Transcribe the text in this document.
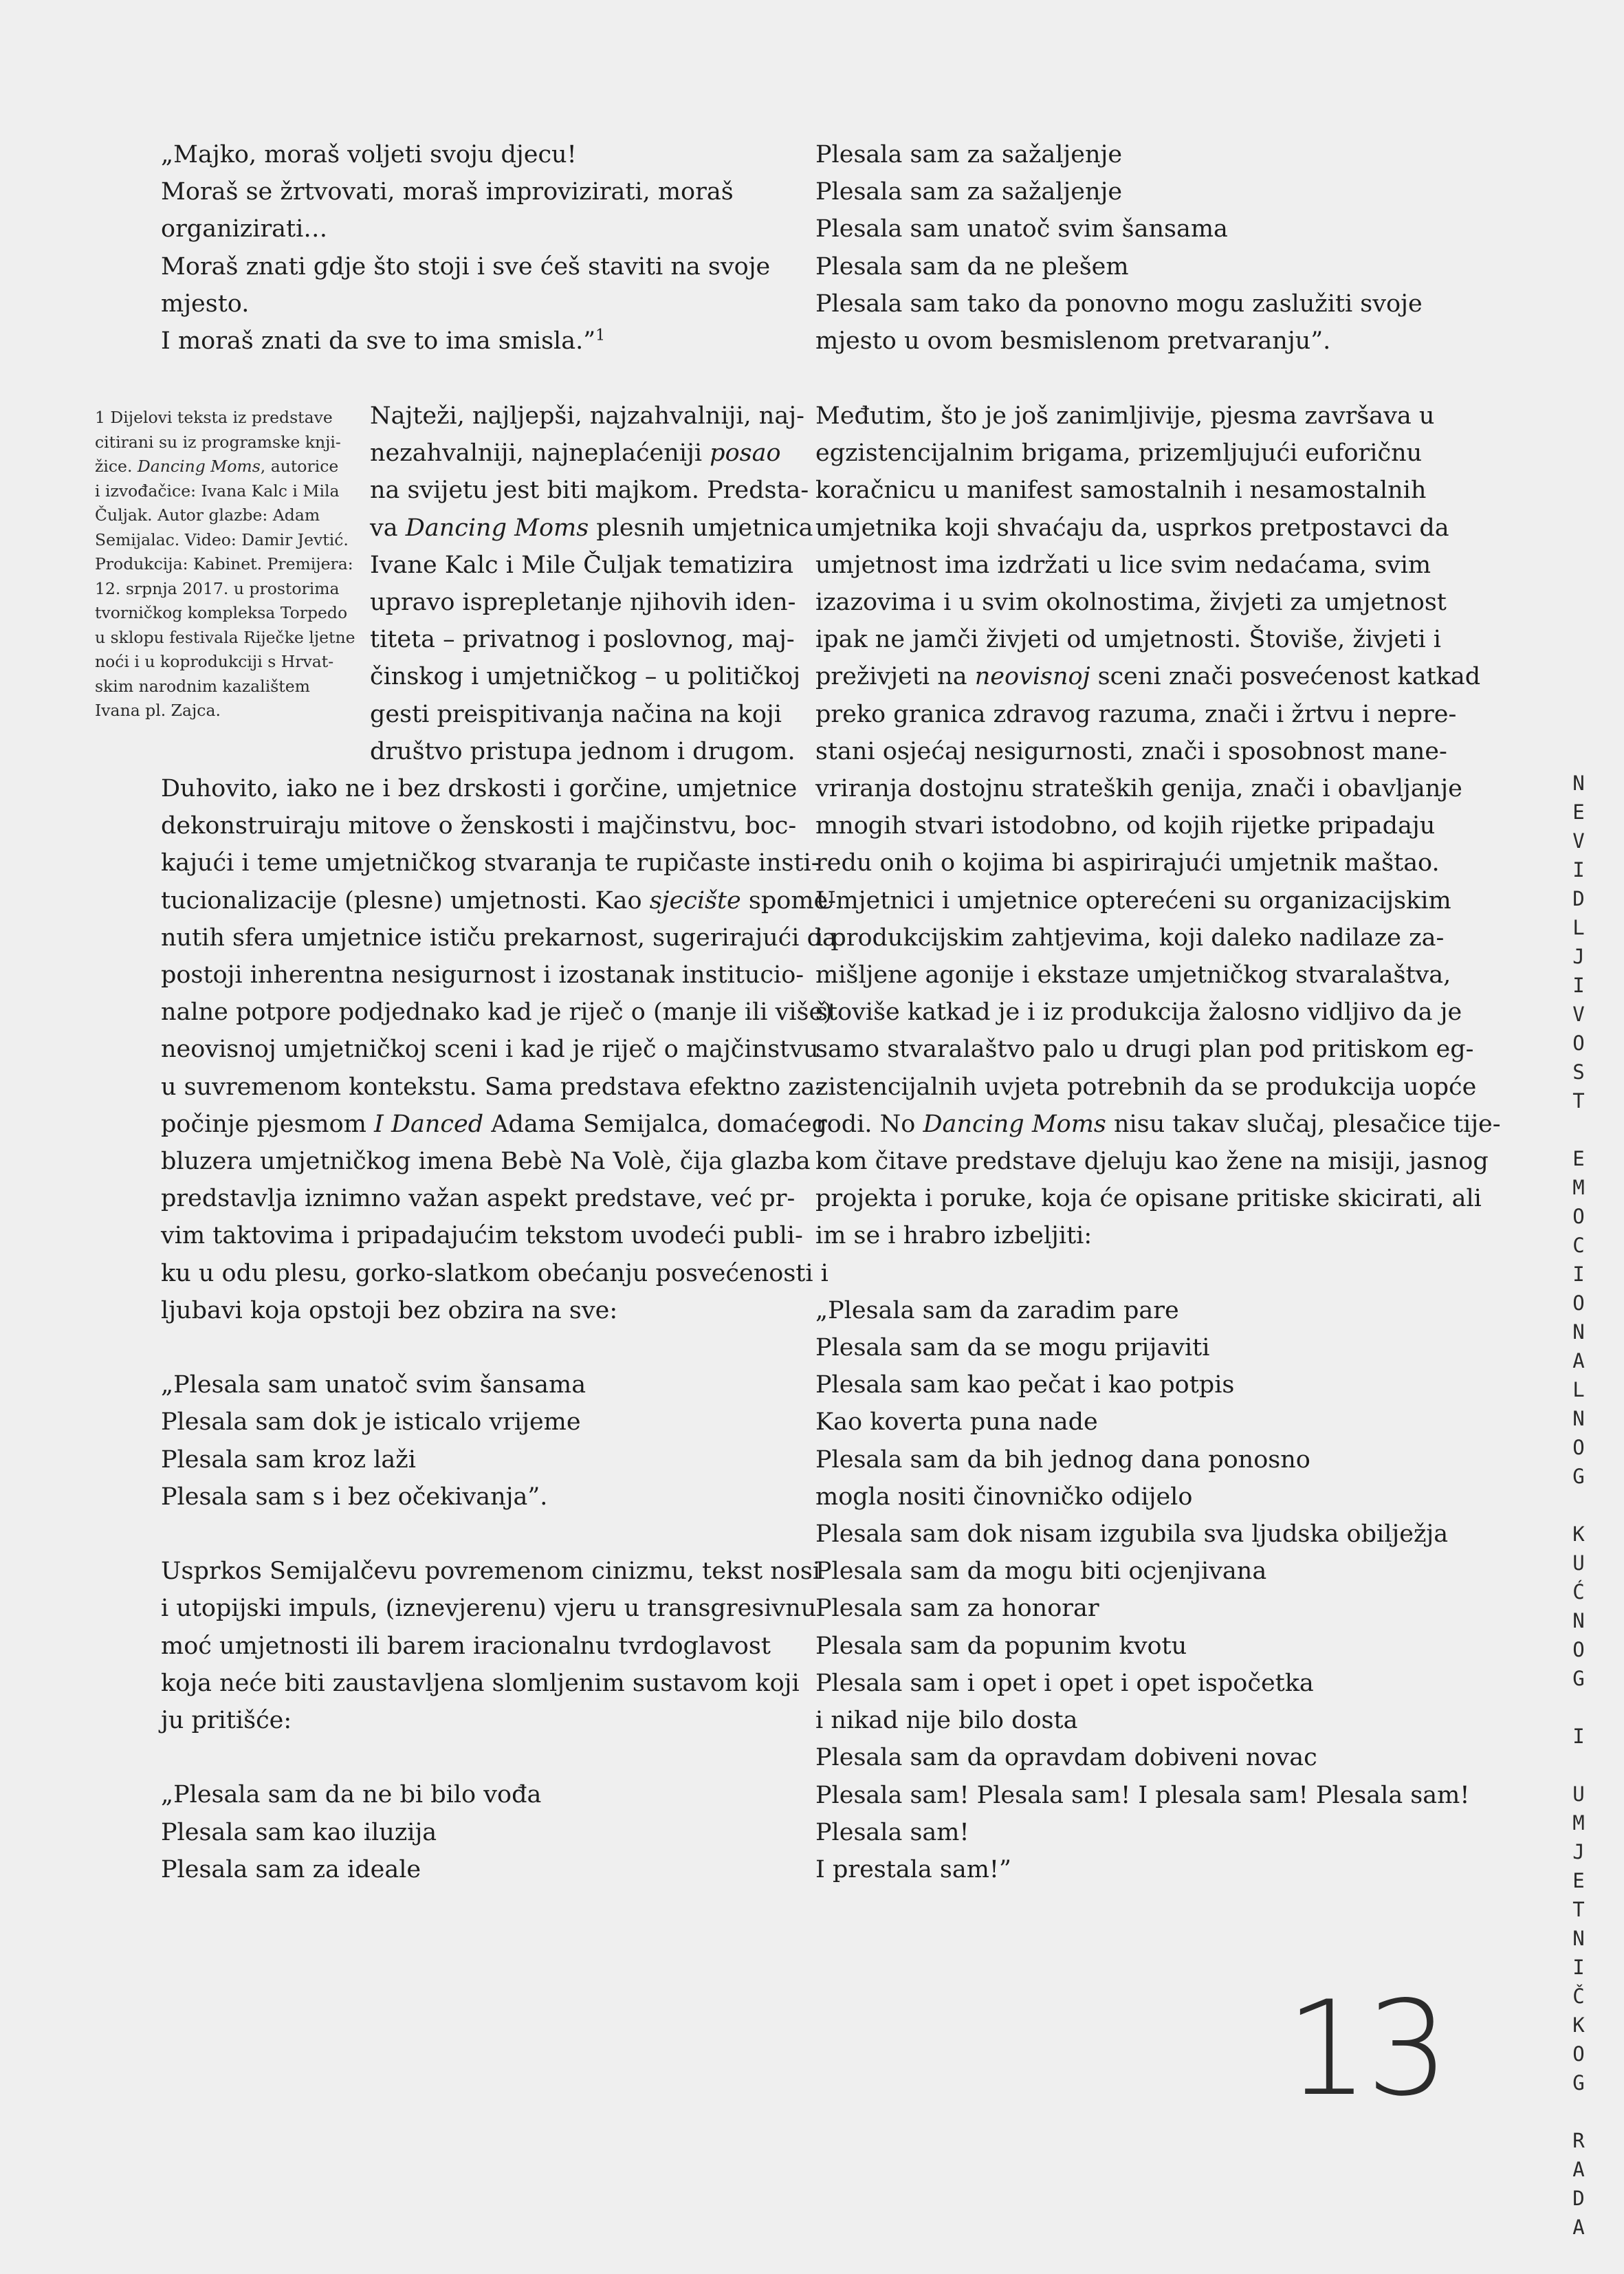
„Majko, moraš voljeti svoju djecu!
Moraš se žrtvovati, moraš improvizirati, moraš
organizirati…
Moraš znati gdje što stoji i sve ćeš staviti na svoje
mjesto.
I moraš znati da sve to ima smisla.”$^1$
Plesala sam za sažaljenje
Plesala sam za sažaljenje
Plesala sam unatoč svim šansama
Plesala sam da ne plešem
Plesala sam tako da ponovno mogu zaslužiti svoje
mjesto u ovom besmislenom pretvaranju”.
1 Dijelovi teksta iz predstave
citirani su iz programske knji-
žice. Dancing Moms, autorice
i izvođačice: Ivana Kalc i Mila
Čuljak. Autor glazbe: Adam
Semijalac. Video: Damir Jevtić.
Produkcija: Kabinet. Premijera:
12. srpnja 2017. u prostorima
tvorničkog kompleksa Torpedo
u sklopu festivala Riječke ljetne
noći i u koprodukciji s Hrvat-
skim narodnim kazalištem
Ivana pl. Zajca.
Najteži, najljepši, najzahvalniji, naj-
nezahvalniji, najneplaćeniji posao
na svijetu jest biti majkom. Predsta-
va Dancing Moms plesnih umjetnica
Ivane Kalc i Mile Čuljak tematizira
upravo isprepletanje njihovih iden-
titeta – privatnog i poslovnog, maj-
činskog i umjetničkog – u političkoj
gesti preispitivanja načina na koji
društvo pristupa jednom i drugom.
Duhovito, iako ne i bez drskosti i gorčine, umjetnice
dekonstruiraju mitove o ženskosti i majčinstvu, boc-
kajući i teme umjetničkog stvaranja te rupičaste insti-
tucionalizacije (plesne) umjetnosti. Kao sjecište spome-
nutih sfera umjetnice ističu prekarnost, sugerirajući da
postoji inherentna nesigurnost i izostanak institucio-
nalne potpore podjednako kad je riječ o (manje ili više)
neovisnoj umjetničkoj sceni i kad je riječ o majčinstvu
u suvremenom kontekstu. Sama predstava efektno za-
počinje pjesmom I Danced Adama Semijalca, domaćeg
bluzera umjetničkog imena Bebè Na Volè, čija glazba
predstavlja iznimno važan aspekt predstave, već pr-
vim taktovima i pripadajućim tekstom uvodeći publi-
ku u odu plesu, gorko-slatkom obećanju posvećenosti i
ljubavi koja opstoji bez obzira na sve:
„Plesala sam unatoč svim šansama
Plesala sam dok je isticalo vrijeme
Plesala sam kroz laži
Plesala sam s i bez očekivanja”.
Usprkos Semijalčevu povremenom cinizmu, tekst nosi
i utopijski impuls, (iznevjerenu) vjeru u transgresivnu
moć umjetnosti ili barem iracionalnu tvrdoglavost
koja neće biti zaustavljena slomljenim sustavom koji
ju pritišće:
„Plesala sam da ne bi bilo vođa
Plesala sam kao iluzija
Plesala sam za ideale
Međutim, što je još zanimljivije, pjesma završava u
egzistencijalnim brigama, prizemljujući euforičnu
koračnicu u manifest samostalnih i nesamostalnih
umjetnika koji shvaćaju da, usprkos pretpostavci da
umjetnost ima izdržati u lice svim nedaćama, svim
izazovima i u svim okolnostima, živjeti za umjetnost
ipak ne jamči živjeti od umjetnosti. Štoviše, živjeti i
preživjeti na neovisnoj sceni znači posvećenost katkad
preko granica zdravog razuma, znači i žrtvu i nepre-
stani osjećaj nesigurnosti, znači i sposobnost mane-
vriranja dostojnu strateških genija, znači i obavljanje
mnogih stvari istodobno, od kojih rijetke pripadaju
redu onih o kojima bi aspirirajući umjetnik maštao.
Umjetnici i umjetnice opterećeni su organizacijskim
i produkcijskim zahtjevima, koji daleko nadilaze za-
mišljene agonije i ekstaze umjetničkog stvaralaštva,
štoviše katkad je i iz produkcija žalosno vidljivo da je
samo stvaralaštvo palo u drugi plan pod pritiskom eg-
zistencijalnih uvjeta potrebnih da se produkcija uopće
rodi. No Dancing Moms nisu takav slučaj, plesačice tije-
kom čitave predstave djeluju kao žene na misiji, jasnog
projekta i poruke, koja će opisane pritiske skicirati, ali
im se i hrabro izbeljiti:
„Plesala sam da zaradim pare
Plesala sam da se mogu prijaviti
Plesala sam kao pečat i kao potpis
Kao koverta puna nade
Plesala sam da bih jednog dana ponosno
mogla nositi činovničko odijelo
Plesala sam dok nisam izgubila sva ljudska obilježja
Plesala sam da mogu biti ocjenjivana
Plesala sam za honorar
Plesala sam da popunim kvotu
Plesala sam i opet i opet i opet ispočetka
i nikad nije bilo dosta
Plesala sam da opravdam dobiveni novac
Plesala sam! Plesala sam! I plesala sam! Plesala sam!
Plesala sam!
I prestala sam!”
N
E
V
I
D
L
J
I
V
O
S
T

E
M
O
C
I
O
N
A
L
N
O
G

K
U
Ć
N
O
G

I

U
M
J
E
T
N
I
Č
K
O
G

R
A
D
A
13
